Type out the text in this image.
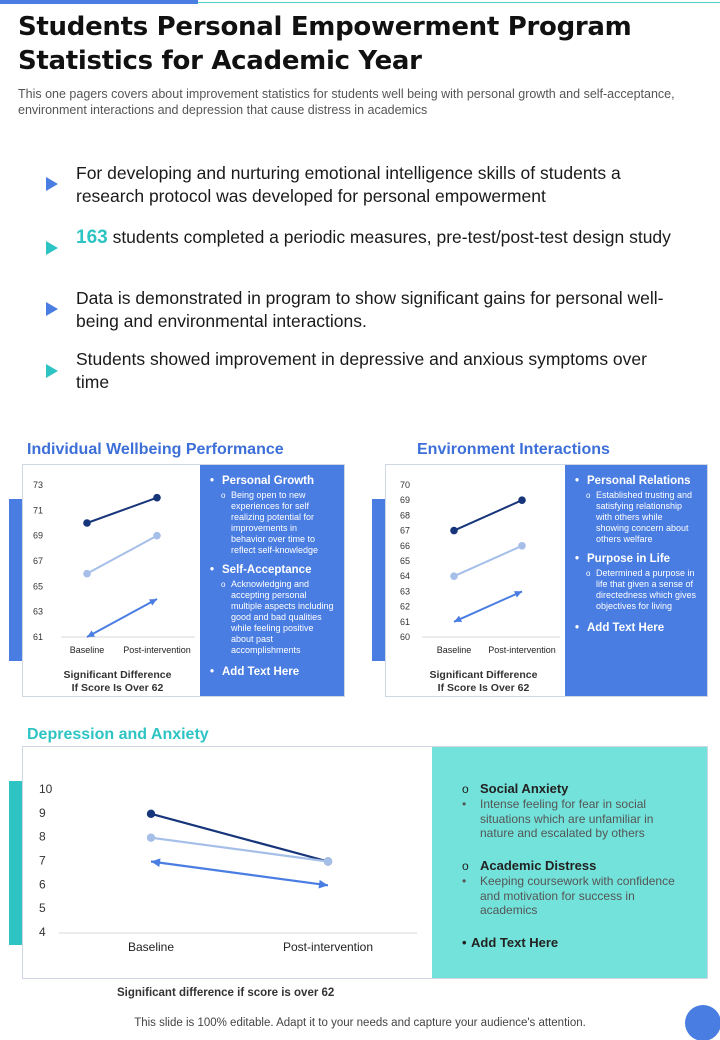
Students Personal Empowerment Program Statistics for Academic Year
This one pagers covers about improvement statistics for students well being with personal growth and self-acceptance, environment interactions and depression that cause distress in academics
For developing and nurturing emotional intelligence skills of students a research protocol was developed for personal empowerment
163 students completed a periodic measures, pre-test/post-test design study
Data is demonstrated in program to show significant gains for personal well-being and environmental interactions.
Students showed improvement in depressive and anxious symptoms over time
Individual Wellbeing Performance
61
63
65
67
69
71
73
Baseline Post-intervention
Significant Difference
If Score Is Over 62
• Personal Growth
o Being open to new experiences for self realizing potential for improvements in behavior over time to reflect self-knowledge
• Self-Acceptance
o Acknowledging and accepting personal multiple aspects including good and bad qualities while feeling positive about past accomplishments
• Add Text Here
Environment Interactions
60
61
62
63
64
65
66
67
68
69
70
Baseline Post-intervention
Significant Difference
If Score Is Over 62
• Personal Relations
o Established trusting and satisfying relationship with others while showing concern about others welfare
• Purpose in Life
o Determined a purpose in life that given a sense of directedness which gives objectives for living
• Add Text Here
Depression and Anxiety
4
5
6
7
8
9
10
Baseline	Post-intervention
o Social Anxiety
• Intense feeling for fear in social situations which are unfamiliar in nature and escalated by others
o Academic Distress
• Keeping coursework with confidence and motivation for success in academics
• Add Text Here
Significant difference if score is over 62
This slide is 100% editable. Adapt it to your needs and capture your audience's attention.
